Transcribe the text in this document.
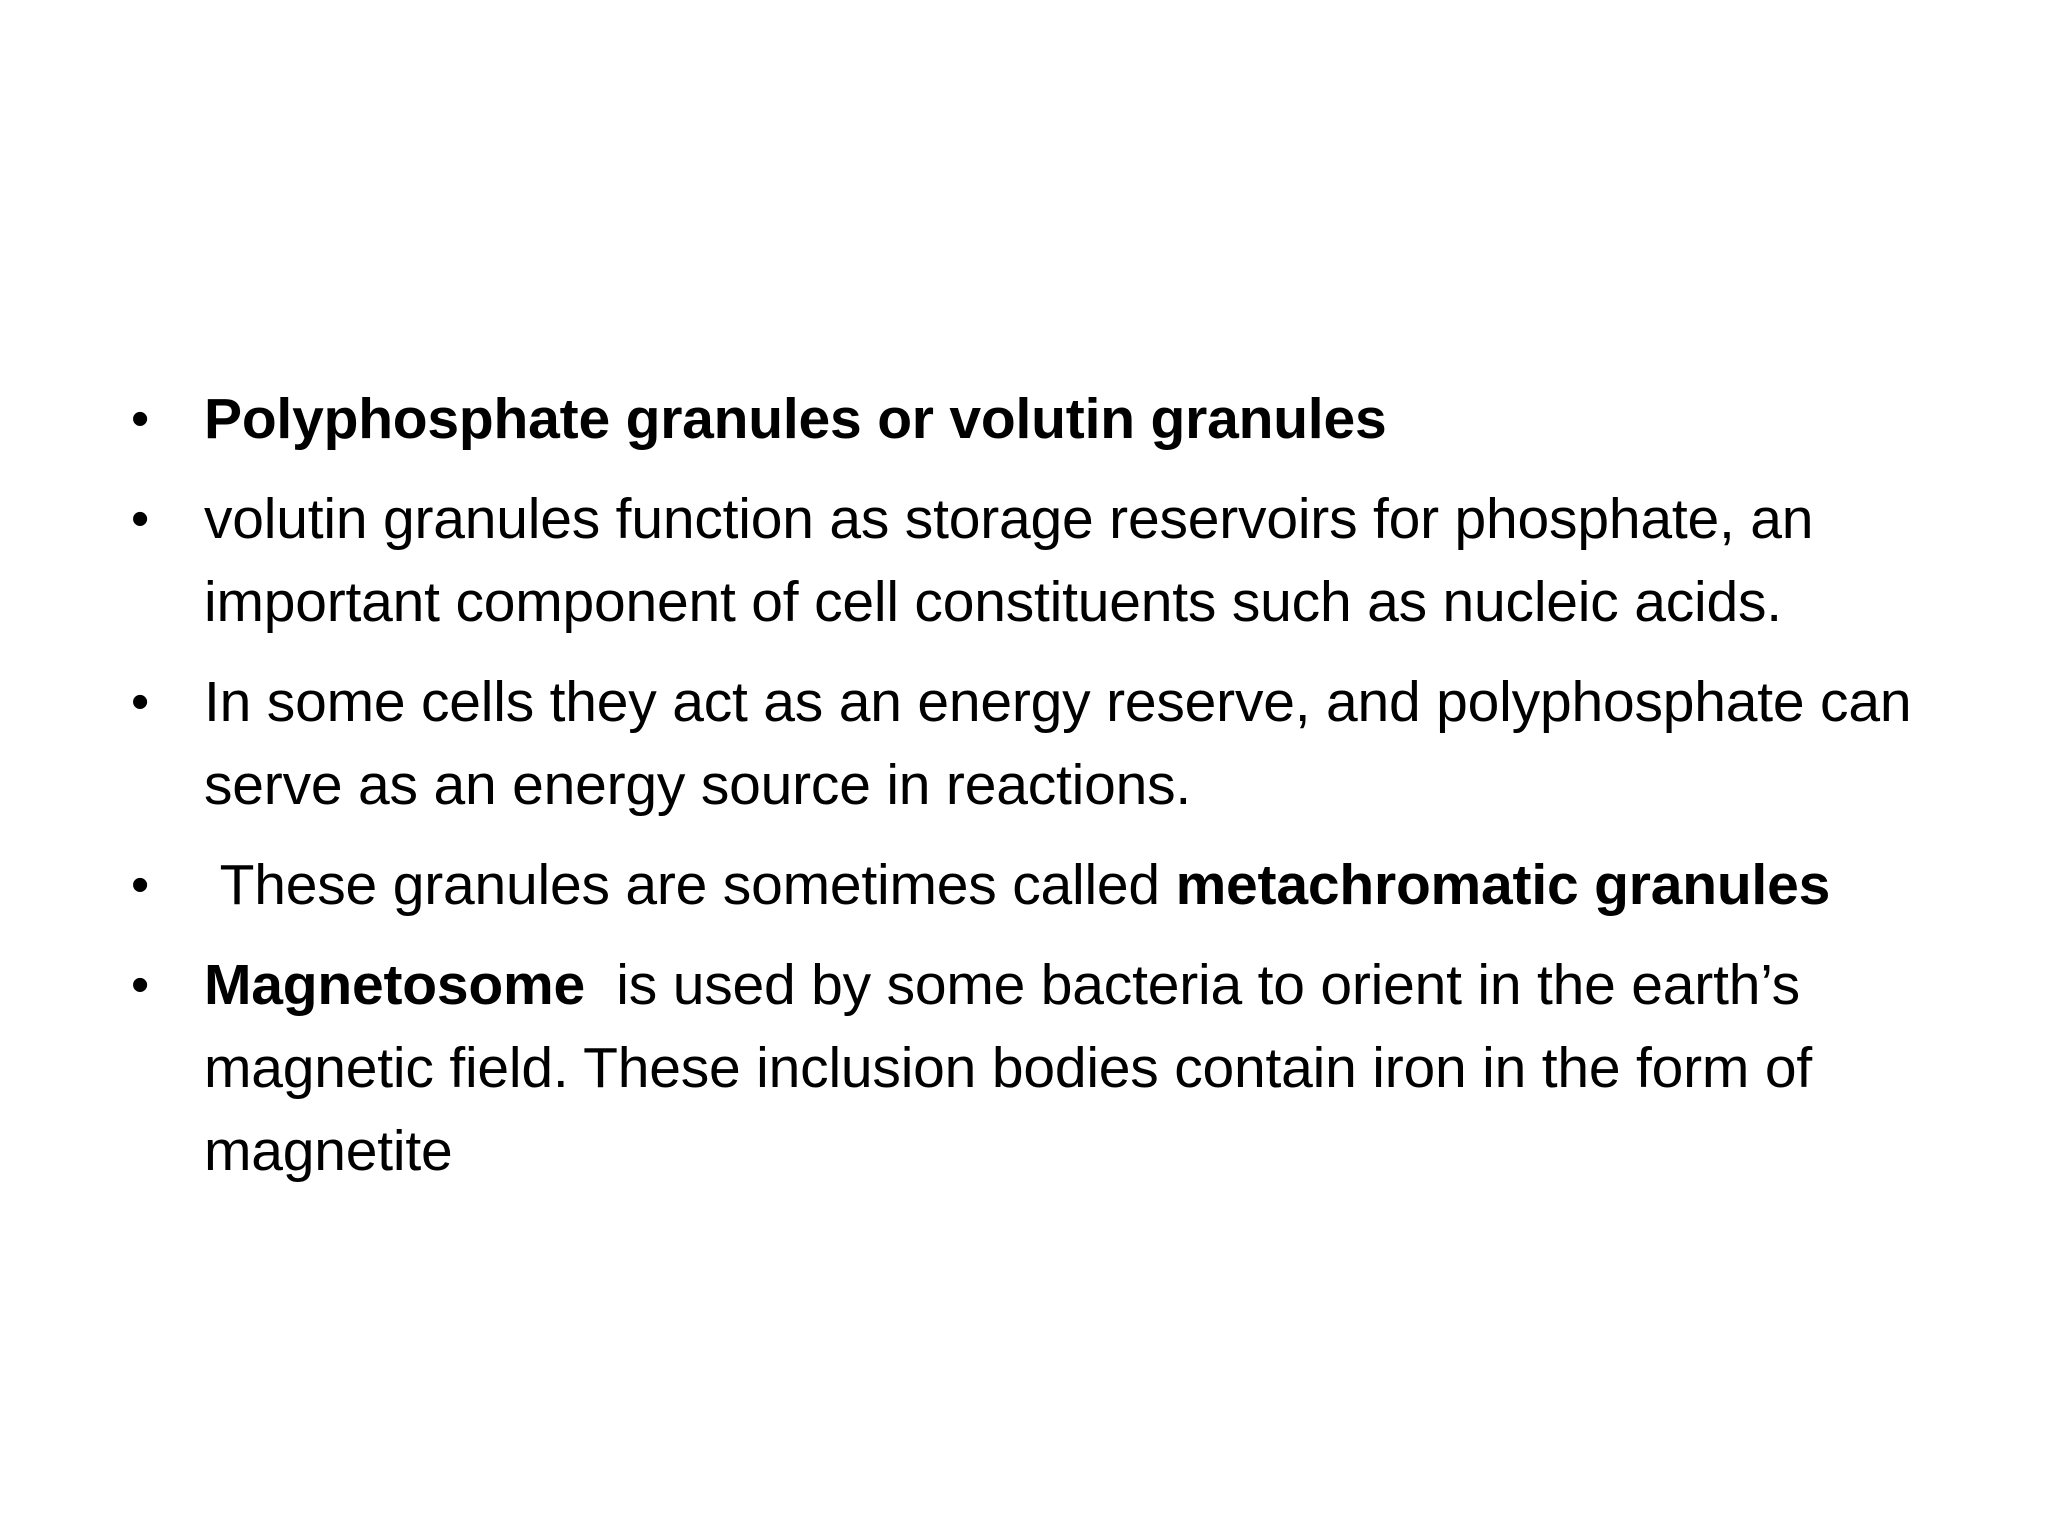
• Polyphosphate granules or volutin granules
• volutin granules function as storage reservoirs for phosphate, an important component of cell constituents such as nucleic acids.
• In some cells they act as an energy reserve, and polyphosphate can serve as an energy source in reactions.
• These granules are sometimes called metachromatic granules
• Magnetosome  is used by some bacteria to orient in the earth’s magnetic field. These inclusion bodies contain iron in the form of magnetite
